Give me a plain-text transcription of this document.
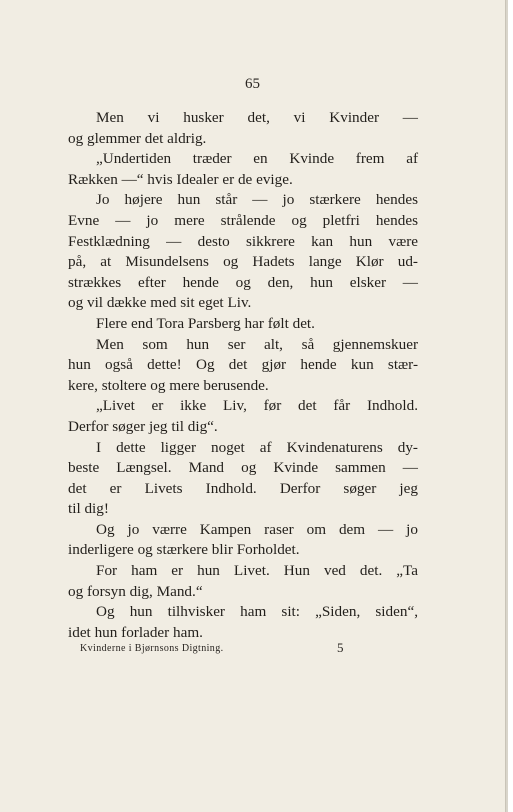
65
Men vi husker det, vi Kvinder —
og glemmer det aldrig.
„Undertiden træder en Kvinde frem af
Rækken —“ hvis Idealer er de evige.
Jo højere hun står — jo stærkere hendes
Evne — jo mere strålende og pletfri hendes
Festklædning — desto sikkrere kan hun være
på, at Misundelsens og Hadets lange Klør ud-
strækkes efter hende og den, hun elsker —
og vil dække med sit eget Liv.
Flere end Tora Parsberg har følt det.
Men som hun ser alt, så gjennemskuer
hun også dette! Og det gjør hende kun stær-
kere, stoltere og mere berusende.
„Livet er ikke Liv, før det får Indhold.
Derfor søger jeg til dig“.
I dette ligger noget af Kvindenaturens dy-
beste Længsel. Mand og Kvinde sammen —
det er Livets Indhold. Derfor søger jeg
til dig!
Og jo værre Kampen raser om dem — jo
inderligere og stærkere blir Forholdet.
For ham er hun Livet. Hun ved det. „Ta
og forsyn dig, Mand.“
Og hun tilhvisker ham sit: „Siden, siden“,
idet hun forlader ham.
Kvinderne i Bjørnsons Digtning.	5
